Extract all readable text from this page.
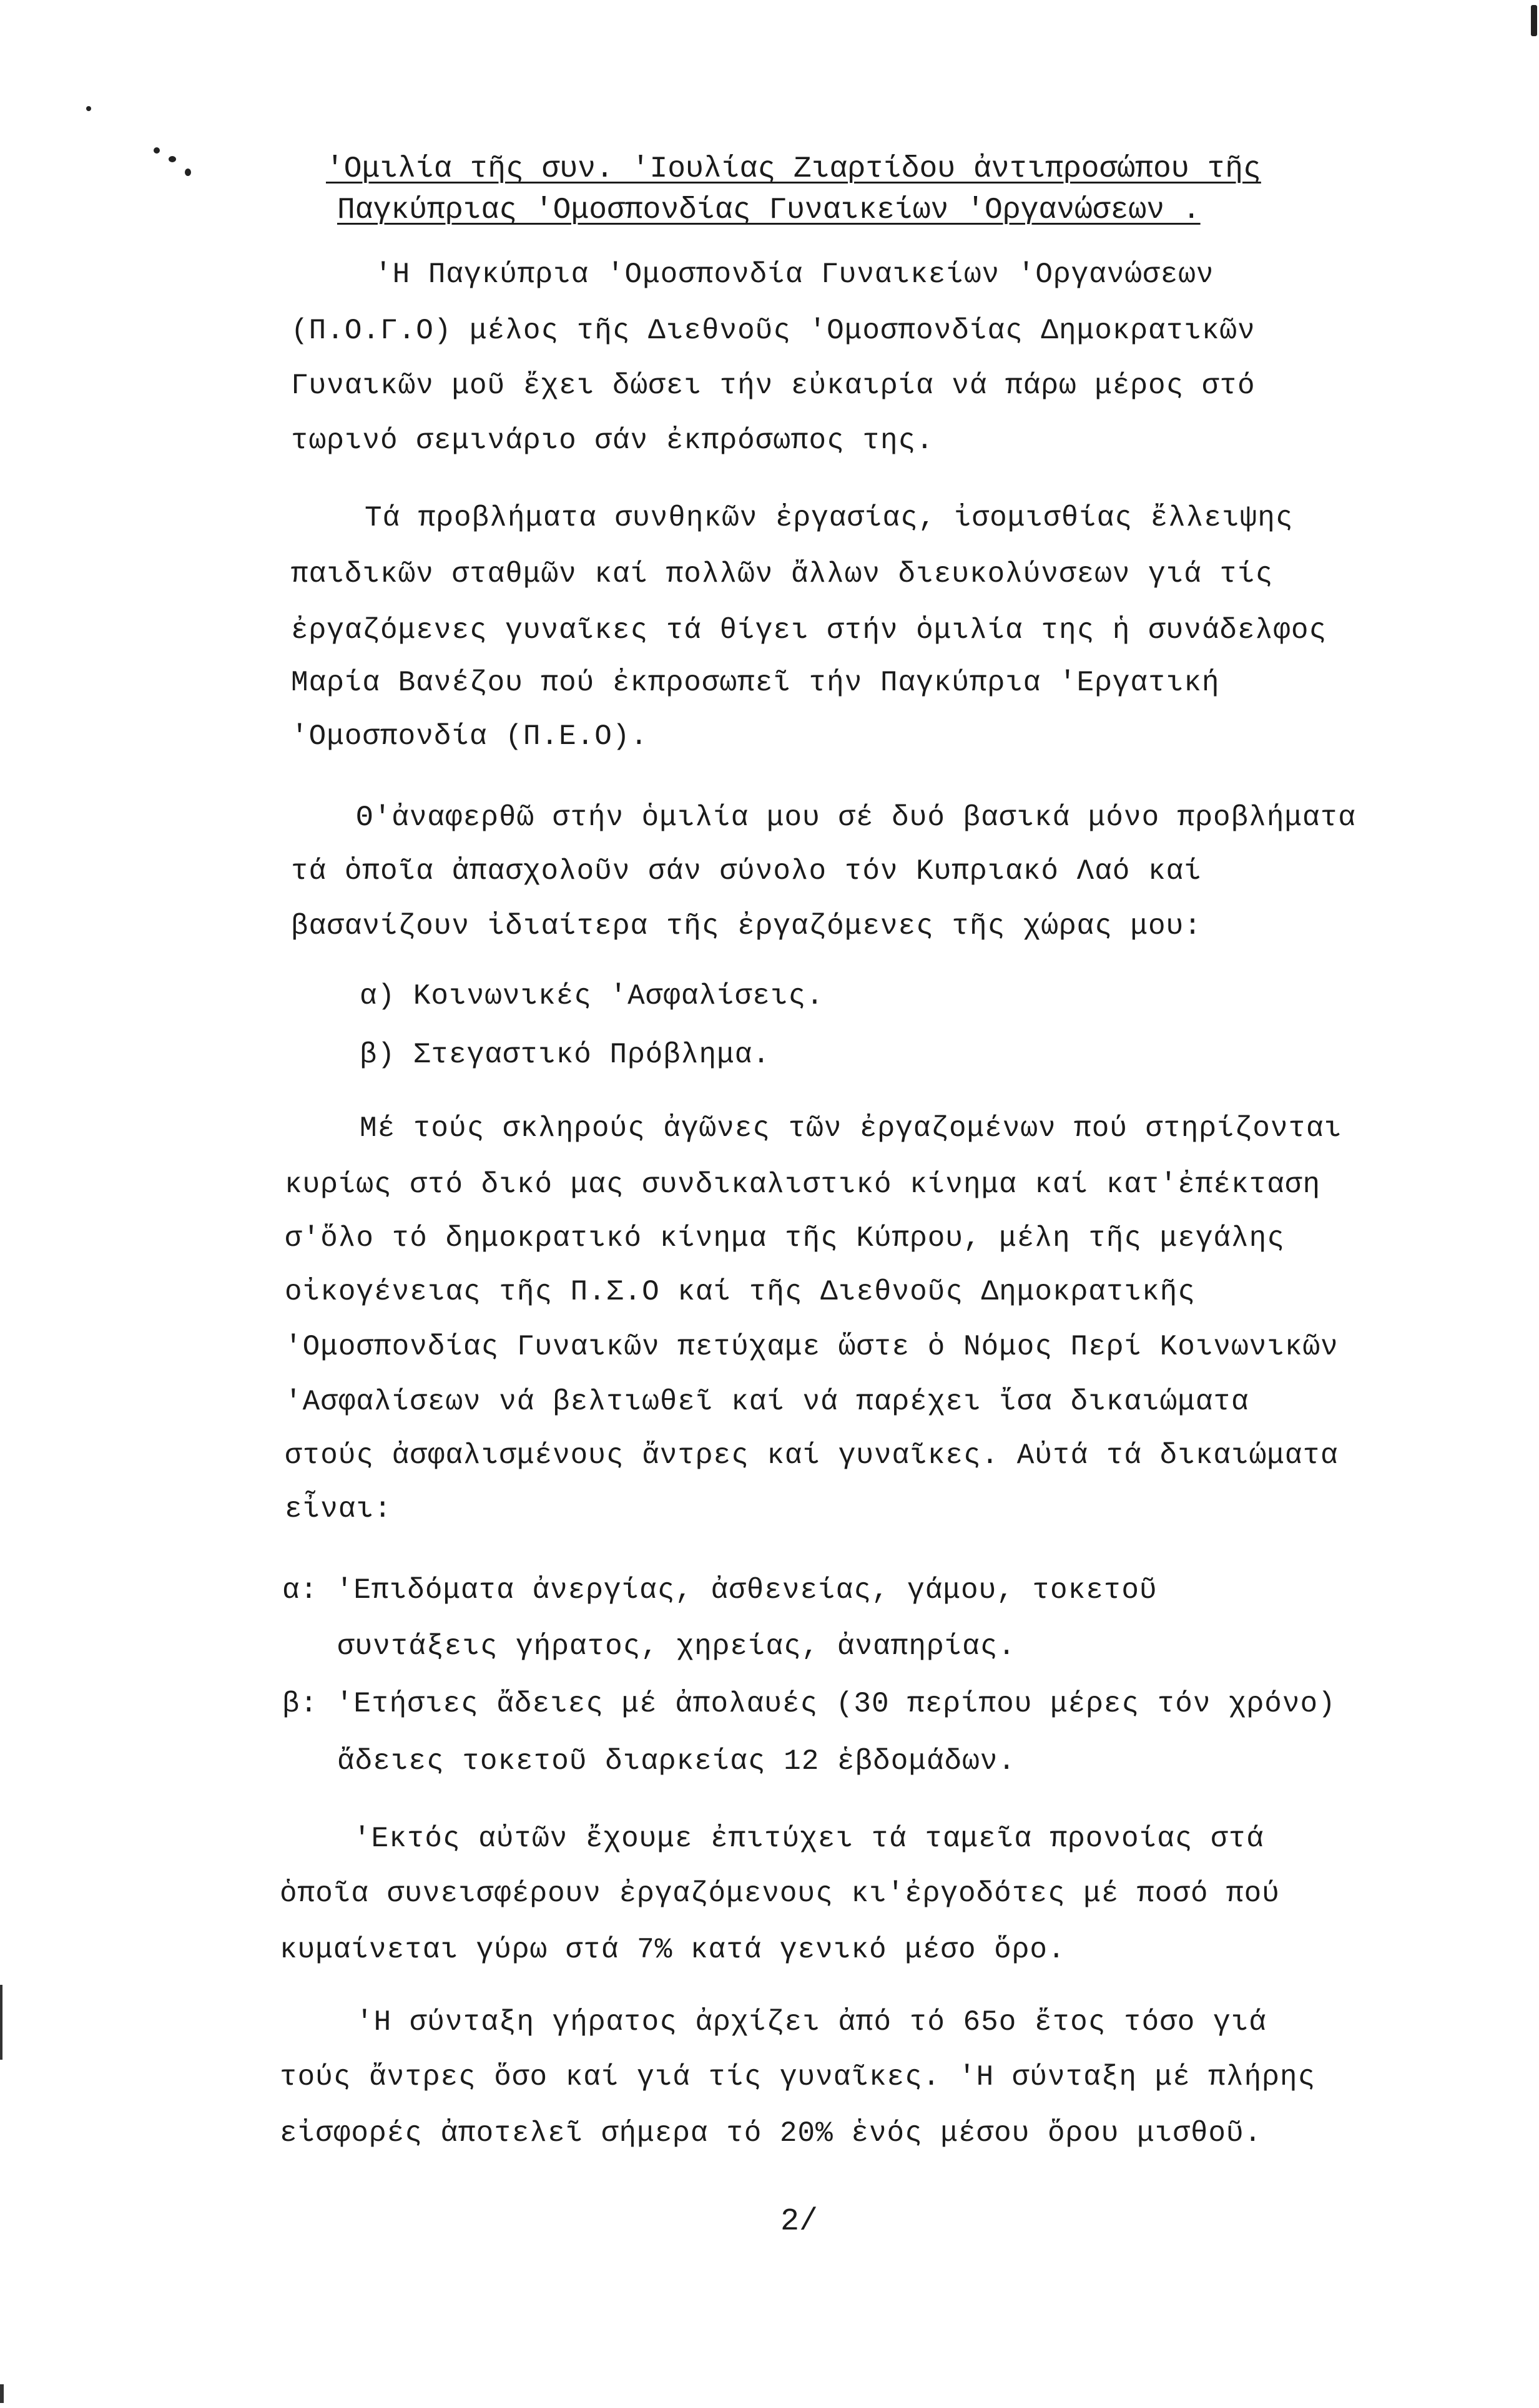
'Ομιλία τῆς συν. 'Ιουλίας Ζιαρτίδου ἀντιπροσώπου τῆς
Παγκύπριας 'Ομοσπονδίας Γυναικείων 'Οργανώσεων .
'Η Παγκύπρια 'Ομοσπονδία Γυναικείων 'Οργανώσεων
(Π.Ο.Γ.Ο) μέλος τῆς Διεθνοῦς 'Ομοσπονδίας Δημοκρατικῶν
Γυναικῶν μοῦ ἔχει δώσει τήν εὐκαιρία νά πάρω μέρος στό
τωρινό σεμινάριο σάν ἐκπρόσωπος της.
Τά προβλήματα συνθηκῶν ἐργασίας, ἰσομισθίας ἔλλειψης
παιδικῶν σταθμῶν καί πολλῶν ἄλλων διευκολύνσεων γιά τίς
ἐργαζόμενες γυναῖκες τά θίγει στήν ὁμιλία της ἡ συνάδελφος
Μαρία Βανέζου πού ἐκπροσωπεῖ τήν Παγκύπρια 'Εργατική
'Ομοσπονδία (Π.Ε.Ο).
Θ'ἀναφερθῶ στήν ὁμιλία μου σέ δυό βασικά μόνο προβλήματα
τά ὁποῖα ἀπασχολοῦν σάν σύνολο τόν Κυπριακό Λαό καί
βασανίζουν ἰδιαίτερα τῆς ἐργαζόμενες τῆς χώρας μου:
α) Κοινωνικές 'Ασφαλίσεις.
β) Στεγαστικό Πρόβλημα.
Μέ τούς σκληρούς ἀγῶνες τῶν ἐργαζομένων πού στηρίζονται
κυρίως στό δικό μας συνδικαλιστικό κίνημα καί κατ'ἐπέκταση
σ'ὅλο τό δημοκρατικό κίνημα τῆς Κύπρου, μέλη τῆς μεγάλης
οἰκογένειας τῆς Π.Σ.Ο καί τῆς Διεθνοῦς Δημοκρατικῆς
'Ομοσπονδίας Γυναικῶν πετύχαμε ὥστε ὁ Νόμος Περί Κοινωνικῶν
'Ασφαλίσεων νά βελτιωθεῖ καί νά παρέχει ἴσα δικαιώματα
στούς ἀσφαλισμένους ἄντρες καί γυναῖκες. Αὐτά τά δικαιώματα
εἶναι:
α: 'Επιδόματα ἀνεργίας, ἀσθενείας, γάμου, τοκετοῦ
συντάξεις γήρατος, χηρείας, ἀναπηρίας.
β: 'Ετήσιες ἄδειες μέ ἀπολαυές (30 περίπου μέρες τόν χρόνο)
ἄδειες τοκετοῦ διαρκείας 12 ἑβδομάδων.
'Εκτός αὐτῶν ἔχουμε ἐπιτύχει τά ταμεῖα προνοίας στά
ὁποῖα συνεισφέρουν ἐργαζόμενους κι'ἐργοδότες μέ ποσό πού
κυμαίνεται γύρω στά 7% κατά γενικό μέσο ὅρο.
'Η σύνταξη γήρατος ἀρχίζει ἀπό τό 65ο ἔτος τόσο γιά
τούς ἄντρες ὅσο καί γιά τίς γυναῖκες. 'Η σύνταξη μέ πλήρης
εἰσφορές ἀποτελεῖ σήμερα τό 20% ἑνός μέσου ὅρου μισθοῦ.
2/
